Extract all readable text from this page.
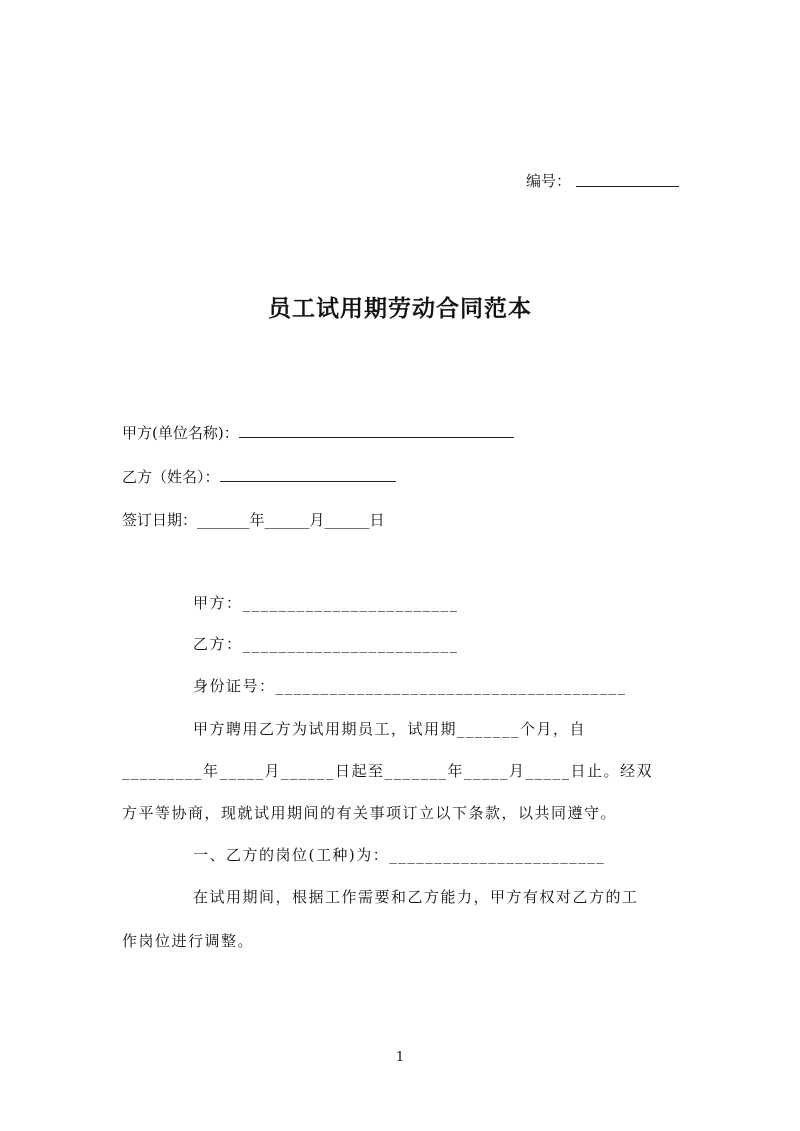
编号：
员工试用期劳动合同范本
甲方(单位名称)：
乙方（姓名）：
签订日期：_______年______月______日
甲方：________________________
乙方：________________________
身份证号：_______________________________________
甲方聘用乙方为试用期员工，试用期_______个月，自
_________年_____月______日起至_______年_____月_____日止。经双
方平等协商，现就试用期间的有关事项订立以下条款，以共同遵守。
一、乙方的岗位(工种)为：________________________
在试用期间，根据工作需要和乙方能力，甲方有权对乙方的工
作岗位进行调整。
1
